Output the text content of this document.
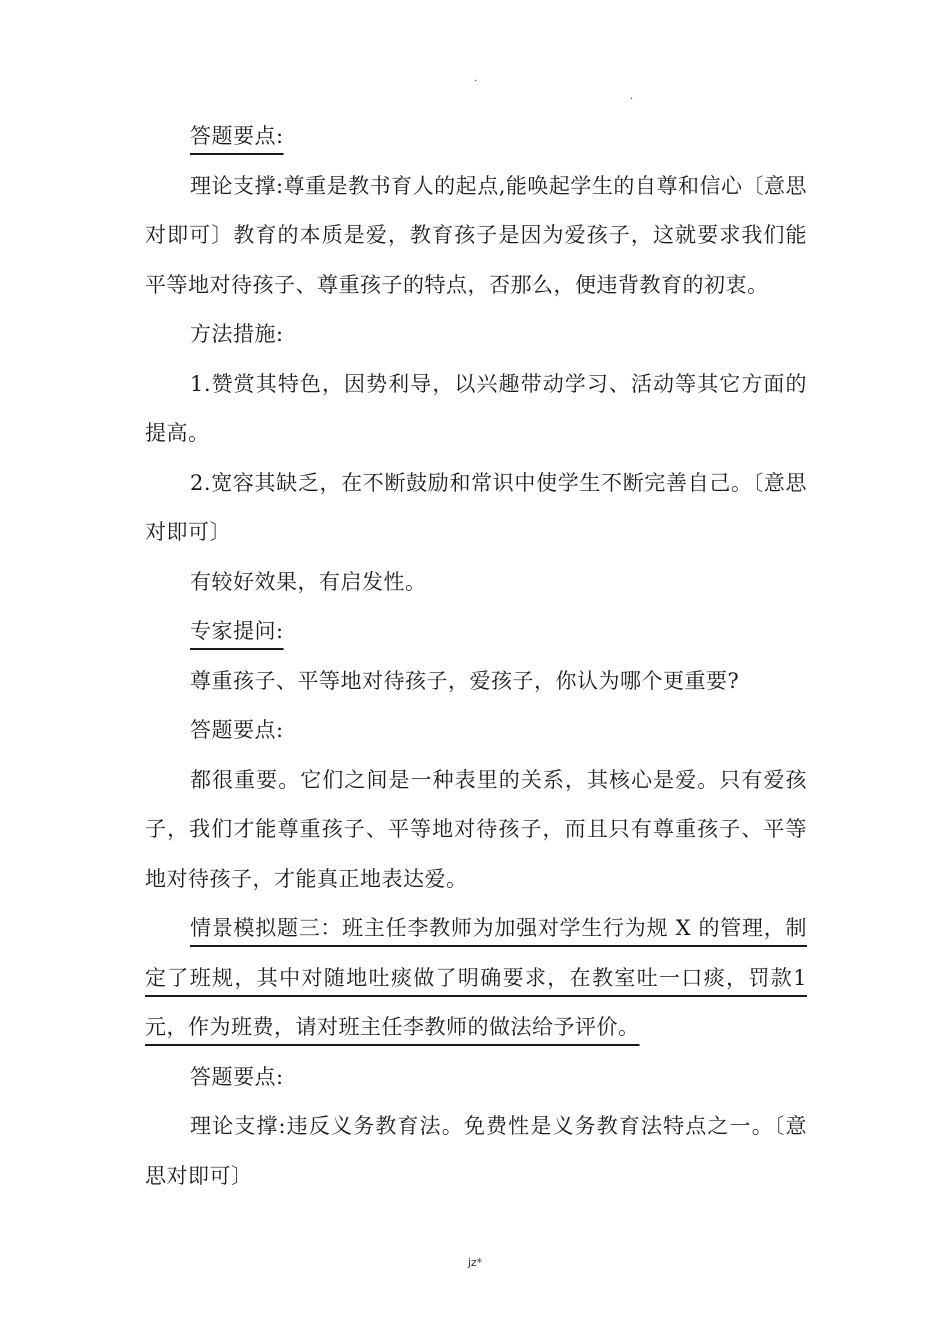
.
.

答题要点:

理论支撑:尊重是教书育人的起点,能唤起学生的自尊和信心〔意思对即可〕教育的本质是爱，教育孩子是因为爱孩子，这就要求我们能平等地对待孩子、尊重孩子的特点，否那么，便违背教育的初衷。

方法措施:

1.赞赏其特色，因势利导，以兴趣带动学习、活动等其它方面的提高。

2.宽容其缺乏，在不断鼓励和常识中使学生不断完善自己。〔意思对即可〕

有较好效果，有启发性。

专家提问:

尊重孩子、平等地对待孩子，爱孩子，你认为哪个更重要?

答题要点:

都很重要。它们之间是一种表里的关系，其核心是爱。只有爱孩子，我们才能尊重孩子、平等地对待孩子，而且只有尊重孩子、平等地对待孩子，才能真正地表达爱。

情景模拟题三：班主任李教师为加强对学生行为规 X 的管理，制定了班规，其中对随地吐痰做了明确要求，在教室吐一口痰，罚款1元，作为班费，请对班主任李教师的做法给予评价。

答题要点:

理论支撑:违反义务教育法。免费性是义务教育法特点之一。〔意思对即可〕

jz*
